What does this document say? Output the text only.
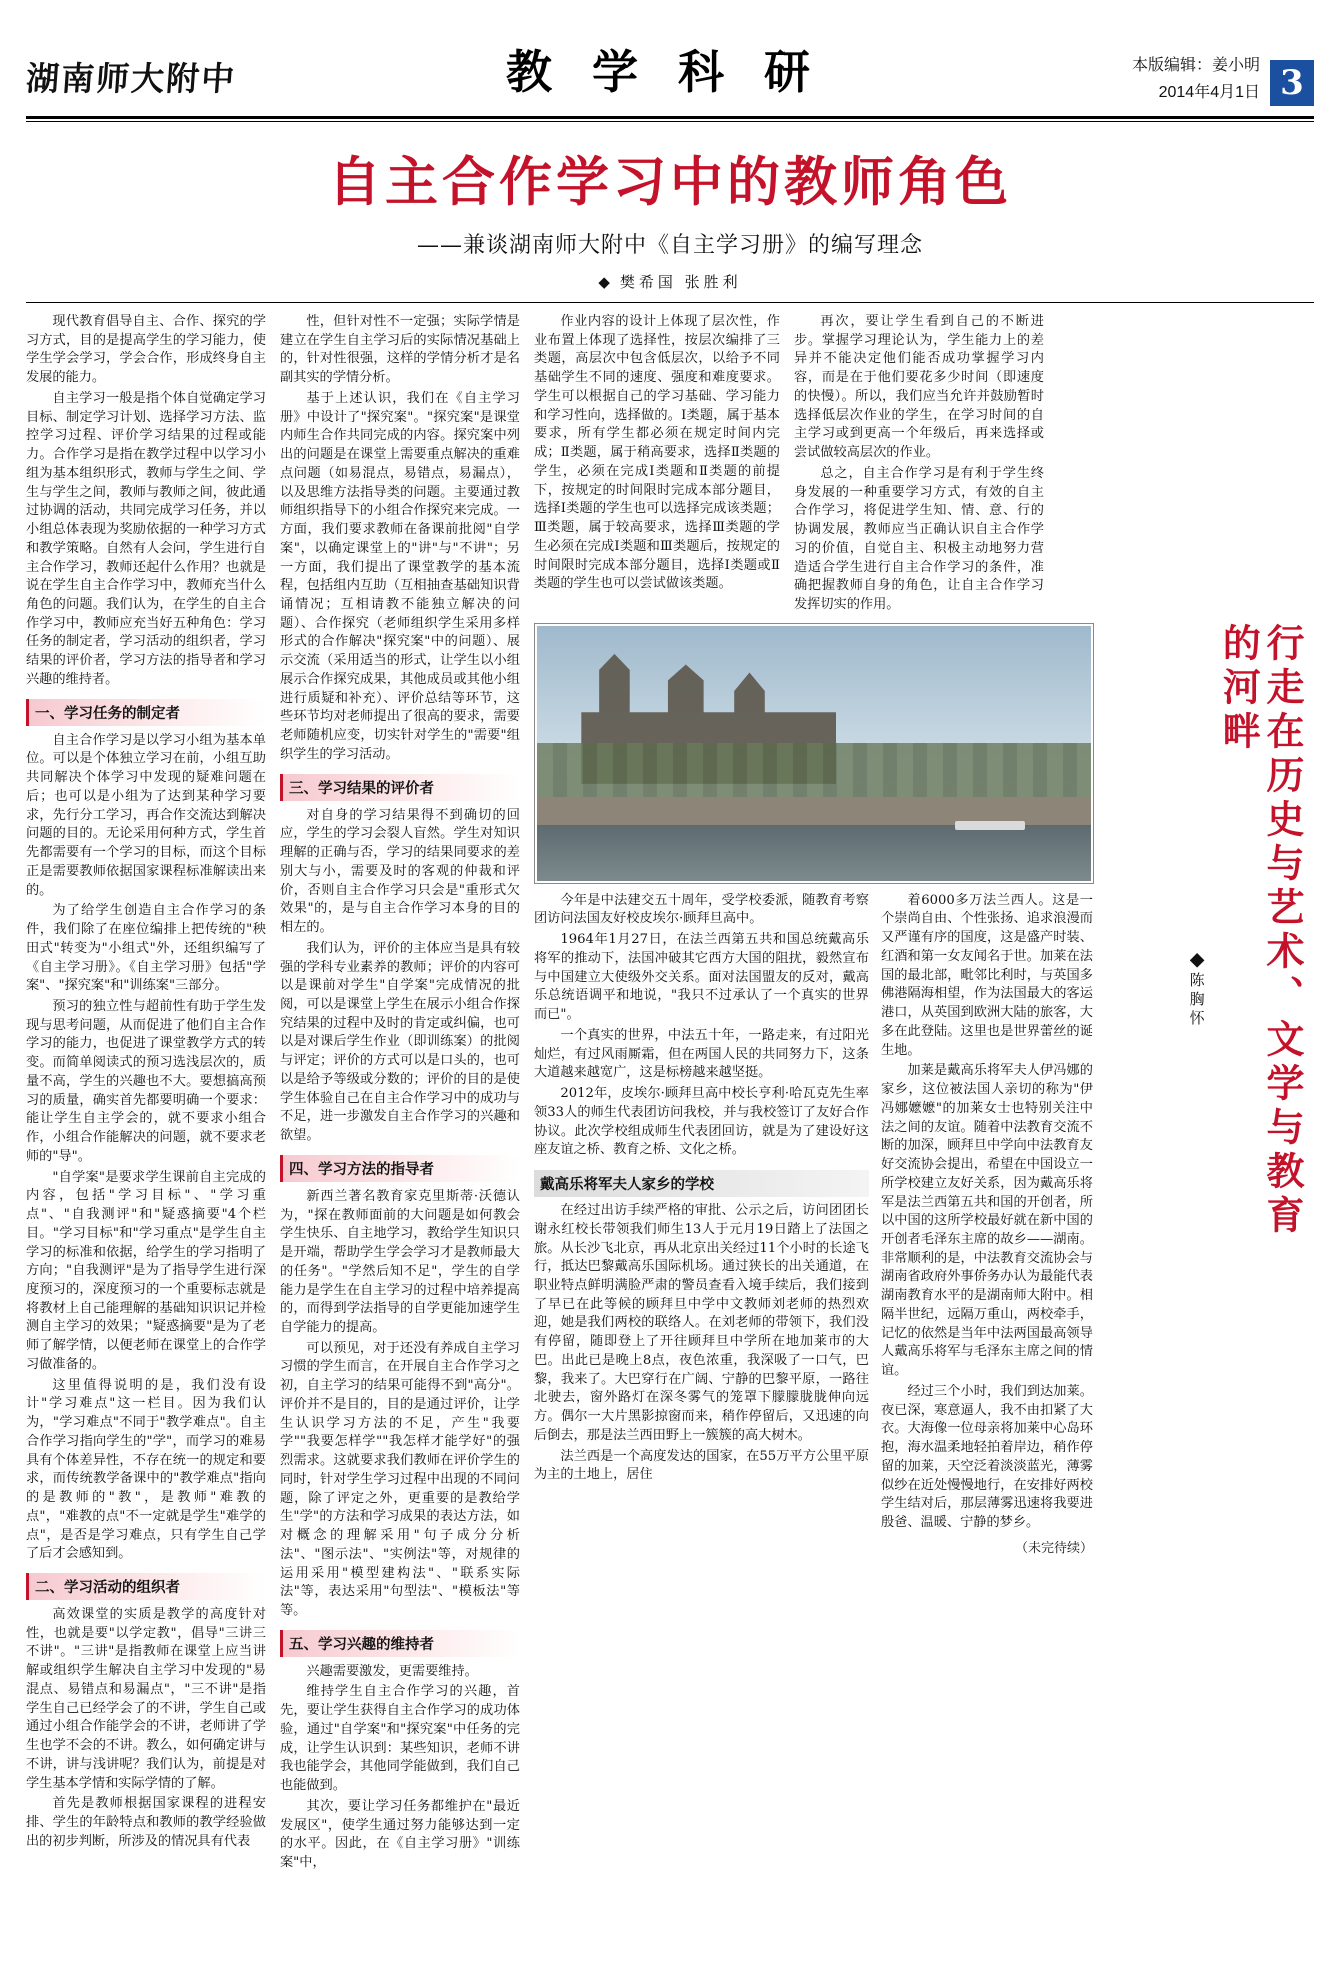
湖南师大附中	教 学 科 研	本版编辑：姜小明
2014年4月1日 3
自主合作学习中的教师角色
——兼谈湖南师大附中《自主学习册》的编写理念
◆ 樊希国 张胜利

现代教育倡导自主、合作、探究的学习方式，目的是提高学生的学习能力，使学生学会学习，学会合作，形成终身自主发展的能力。

自主学习一般是指个体自觉确定学习目标、制定学习计划、选择学习方法、监控学习过程、评价学习结果的过程或能力。合作学习是指在教学过程中以学习小组为基本组织形式，教师与学生之间、学生与学生之间，教师与教师之间，彼此通过协调的活动，共同完成学习任务，并以小组总体表现为奖励依据的一种学习方式和教学策略。自然有人会问，学生进行自主合作学习，教师还起什么作用？也就是说在学生自主合作学习中，教师充当什么角色的问题。我们认为，在学生的自主合作学习中，教师应充当好五种角色：学习任务的制定者，学习活动的组织者，学习结果的评价者，学习方法的指导者和学习兴趣的维持者。

一、学习任务的制定者

自主合作学习是以学习小组为基本单位。可以是个体独立学习在前，小组互助共同解决个体学习中发现的疑难问题在后；也可以是小组为了达到某种学习要求，先行分工学习，再合作交流达到解决问题的目的。无论采用何种方式，学生首先都需要有一个学习的目标，而这个目标正是需要教师依据国家课程标准解读出来的。

为了给学生创造自主合作学习的条件，我们除了在座位编排上把传统的"秧田式"转变为"小组式"外，还组织编写了《自主学习册》。《自主学习册》包括"学案"、"探究案"和"训练案"三部分。

预习的独立性与超前性有助于学生发现与思考问题，从而促进了他们自主合作学习的能力，也促进了课堂教学方式的转变。而简单阅读式的预习选浅层次的，质量不高，学生的兴趣也不大。要想搞高预习的质量，确实首先都要明确一个要求：能让学生自主学会的，就不要求小组合作，小组合作能解决的问题，就不要求老师的"导"。

"自学案"是要求学生课前自主完成的内容，包括"学习目标"、"学习重点"、"自我测评"和"疑惑摘要"4个栏目。"学习目标"和"学习重点"是学生自主学习的标准和依据，给学生的学习指明了方向；"自我测评"是为了指导学生进行深度预习的，深度预习的一个重要标志就是将教材上自己能理解的基础知识识记并检测自主学习的效果；"疑惑摘要"是为了老师了解学情，以便老师在课堂上的合作学习做准备的。

这里值得说明的是，我们没有设计"学习难点"这一栏目。因为我们认为，"学习难点"不同于"教学难点"。自主合作学习指向学生的"学"，而学习的难易具有个体差异性，不存在统一的规定和要求，而传统教学备课中的"教学难点"指向的是教师的"教"，是教师"难教的点"，"难教的点"不一定就是学生"难学的点"，是否是学习难点，只有学生自己学了后才会感知到。

二、学习活动的组织者

高效课堂的实质是教学的高度针对性，也就是要"以学定教"，倡导"三讲三不讲"。"三讲"是指教师在课堂上应当讲解或组织学生解决自主学习中发现的"易混点、易错点和易漏点"，"三不讲"是指学生自己已经学会了的不讲，学生自己或通过小组合作能学会的不讲，老师讲了学生也学不会的不讲。教么，如何确定讲与不讲，讲与浅讲呢？我们认为，前提是对学生基本学情和实际学情的了解。

首先是教师根据国家课程的进程安排、学生的年龄特点和教师的教学经验做出的初步判断，所涉及的情况具有代表

性，但针对性不一定强；实际学情是建立在学生自主学习后的实际情况基础上的，针对性很强，这样的学情分析才是名副其实的学情分析。

基于上述认识，我们在《自主学习册》中设计了"探究案"。"探究案"是课堂内师生合作共同完成的内容。探究案中列出的问题是在课堂上需要重点解决的重难点问题（如易混点，易错点，易漏点），以及思维方法指导类的问题。主要通过教师组织指导下的小组合作探究来完成。一方面，我们要求教师在备课前批阅"自学案"，以确定课堂上的"讲"与"不讲"；另一方面，我们提出了课堂教学的基本流程，包括组内互助（互相抽查基础知识背诵情况；互相请教不能独立解决的问题）、合作探究（老师组织学生采用多样形式的合作解决"探究案"中的问题）、展示交流（采用适当的形式，让学生以小组展示合作探究成果，其他成员或其他小组进行质疑和补充）、评价总结等环节，这些环节均对老师提出了很高的要求，需要老师随机应变，切实针对学生的"需要"组织学生的学习活动。

三、学习结果的评价者

对自身的学习结果得不到确切的回应，学生的学习会裂人盲然。学生对知识理解的正确与否，学习的结果同要求的差别大与小，需要及时的客观的仲裁和评价，否则自主合作学习只会是"重形式欠效果"的，是与自主合作学习本身的目的相左的。

我们认为，评价的主体应当是具有较强的学科专业素养的教师；评价的内容可以是课前对学生"自学案"完成情况的批阅，可以是课堂上学生在展示小组合作探究结果的过程中及时的肯定或纠偏，也可以是对课后学生作业（即训练案）的批阅与评定；评价的方式可以是口头的，也可以是给予等级或分数的；评价的目的是使学生体验自己在自主合作学习中的成功与不足，进一步激发自主合作学习的兴趣和欲望。

四、学习方法的指导者

新西兰著名教育家克里斯蒂·沃德认为，"探在教师面前的大问题是如何教会学生快乐、自主地学习，教给学生知识只是开端，帮助学生学会学习才是教师最大的任务"。"学然后知不足"，学生的自学能力是学生在自主学习的过程中培养提高的，而得到学法指导的自学更能加速学生自学能力的提高。

可以预见，对于还没有养成自主学习习惯的学生而言，在开展自主合作学习之初，自主学习的结果可能得不到"高分"。评价并不是目的，目的是通过评价，让学生认识学习方法的不足，产生"我要学""我要怎样学""我怎样才能学好"的强烈需求。这就要求我们教师在评价学生的同时，针对学生学习过程中出现的不同问题，除了评定之外，更重要的是教给学生"学"的方法和学习成果的表达方法，如对概念的理解采用"句子成分分析法"、"图示法"、"实例法"等，对规律的运用采用"模型建构法"、"联系实际法"等，表达采用"句型法"、"模板法"等等。

五、学习兴趣的维持者

兴趣需要激发，更需要维持。

维持学生自主合作学习的兴趣，首先，要让学生获得自主合作学习的成功体验，通过"自学案"和"探究案"中任务的完成，让学生认识到：某些知识，老师不讲我也能学会，其他同学能做到，我们自己也能做到。

其次，要让学习任务都维护在"最近发展区"，使学生通过努力能够达到一定的水平。因此，在《自主学习册》"训练案"中，

作业内容的设计上体现了层次性，作业布置上体现了选择性，按层次编排了三类题，高层次中包含低层次，以给予不同基础学生不同的速度、强度和难度要求。学生可以根据自己的学习基础、学习能力和学习性向，选择做的。Ⅰ类题，属于基本要求，所有学生都必须在规定时间内完成；Ⅱ类题，属于稍高要求，选择Ⅱ类题的学生，必须在完成Ⅰ类题和Ⅱ类题的前提下，按规定的时间限时完成本部分题目，选择Ⅰ类题的学生也可以选择完成该类题；Ⅲ类题，属于较高要求，选择Ⅲ类题的学生必须在完成Ⅰ类题和Ⅲ类题后，按规定的时间限时完成本部分题目，选择Ⅰ类题或Ⅱ类题的学生也可以尝试做该类题。

再次，要让学生看到自己的不断进步。掌握学习理论认为，学生能力上的差异并不能决定他们能否成功掌握学习内容，而是在于他们要花多少时间（即速度的快慢）。所以，我们应当允许并鼓励暂时选择低层次作业的学生，在学习时间的自主学习或到更高一个年级后，再来选择或尝试做较高层次的作业。

总之，自主合作学习是有利于学生终身发展的一种重要学习方式，有效的自主合作学习，将促进学生知、情、意、行的协调发展，教师应当正确认识自主合作学习的价值，自觉自主、积极主动地努力营造适合学生进行自主合作学习的条件，准确把握教师自身的角色，让自主合作学习发挥切实的作用。

今年是中法建交五十周年，受学校委派，随教育考察团访问法国友好校皮埃尔·顾拜旦高中。

1964年1月27日，在法兰西第五共和国总统戴高乐将军的推动下，法国冲破其它西方大国的阻扰，毅然宣布与中国建立大使级外交关系。面对法国盟友的反对，戴高乐总统语调平和地说，"我只不过承认了一个真实的世界而已"。

一个真实的世界，中法五十年，一路走来，有过阳光灿烂，有过风雨厮霜，但在两国人民的共同努力下，这条大道越来越宽广，这是标榜越来越坚挺。

2012年，皮埃尔·顾拜旦高中校长亨利·哈瓦克先生率领33人的师生代表团访问我校，并与我校签订了友好合作协议。此次学校组成师生代表团回访，就是为了建设好这座友谊之桥、教育之桥、文化之桥。

戴高乐将军夫人家乡的学校

在经过出访手续严格的审批、公示之后，访问团团长谢永红校长带领我们师生13人于元月19日踏上了法国之旅。从长沙飞北京，再从北京出关经过11个小时的长途飞行，抵达巴黎戴高乐国际机场。通过狭长的出关通道，在职业特点鲜明满脸严肃的警员查看入境手续后，我们接到了早已在此等候的顾拜旦中学中文教师刘老师的热烈欢迎，她是我们两校的联络人。在刘老师的带领下，我们没有停留，随即登上了开往顾拜旦中学所在地加莱市的大巴。出此已是晚上8点，夜色浓重，我深吸了一口气，巴黎，我来了。大巴穿行在广阔、宁静的巴黎平原，一路往北驶去，窗外路灯在深冬雾气的笼罩下朦朦胧胧伸向远方。偶尔一大片黑影掠窗而来，稍作停留后，又迅速的向后倒去，那是法兰西田野上一簇簇的高大树木。

法兰西是一个高度发达的国家，在55万平方公里平原为主的土地上，居住

着6000多万法兰西人。这是一个崇尚自由、个性张扬、追求浪漫而又严谨有序的国度，这是盛产时装、红酒和第一女友闻名于世。加莱在法国的最北部，毗邻比利时，与英国多佛港隔海相望，作为法国最大的客运港口，从英国到欧洲大陆的旅客，大多在此登陆。这里也是世界蕾丝的诞生地。

加莱是戴高乐将军夫人伊冯娜的家乡，这位被法国人亲切的称为"伊冯娜嬷嬷"的加莱女士也特别关注中法之间的友谊。随着中法教育交流不断的加深，顾拜旦中学向中法教育友好交流协会提出，希望在中国设立一所学校建立友好关系，因为戴高乐将军是法兰西第五共和国的开创者，所以中国的这所学校最好就在新中国的开创者毛泽东主席的故乡——湖南。非常顺利的是，中法教育交流协会与湖南省政府外事侨务办认为最能代表湖南教育水平的是湖南师大附中。相隔半世纪，远隔万重山，两校牵手，记忆的依然是当年中法两国最高领导人戴高乐将军与毛泽东主席之间的情谊。

经过三个小时，我们到达加莱。夜已深，寒意逼人，我不由扣紧了大衣。大海像一位母亲将加莱中心岛环抱，海水温柔地轻拍着岸边，稍作停留的加莱，天空泛着淡淡蓝光，薄雾似纱在近处慢慢地行，在安排好两校学生结对后，那层薄雾迅速将我要进殷爸、温暖、宁静的梦乡。

（未完待续）
◆陈胸怀	行走在历史与艺术、文学与教育的河畔
